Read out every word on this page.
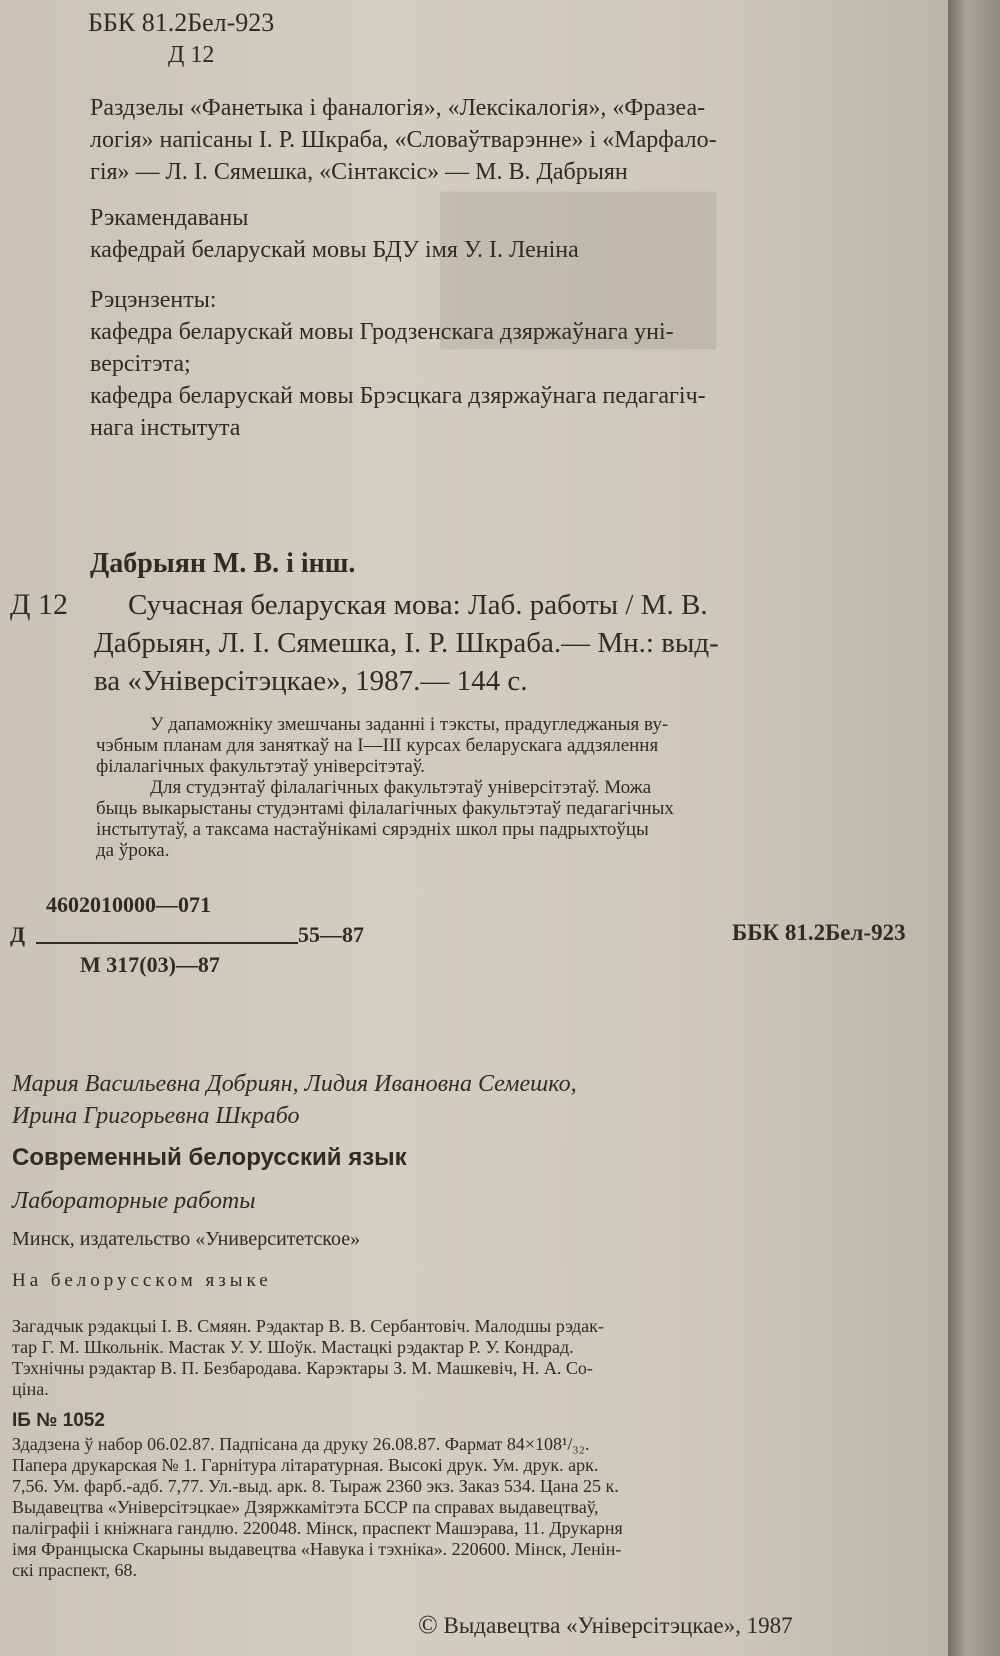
███
ББК 81.2Бел-923
Д 12
Раздзелы «Фанетыка і фаналогія», «Лексікалогія», «Фразеа-
логія» напісаны І. Р. Шкраба, «Словаўтварэнне» і «Марфало-
гія» — Л. І. Сямешка, «Сінтаксіс» — М. В. Дабрыян
Рэкамендаваны
кафедрай беларускай мовы БДУ імя У. І. Леніна
Рэцэнзенты:
кафедра беларускай мовы Гродзенскага дзяржаўнага уні-
версітэта;
кафедра беларускай мовы Брэсцкага дзяржаўнага педагагіч-
нага інстытута
Дабрыян М. В. і інш.
Д 12 Сучасная беларуская мова: Лаб. работы / М. В.
Дабрыян, Л. І. Сямешка, І. Р. Шкраба.— Мн.: выд-
ва «Універсітэцкае», 1987.— 144 с.
У дапаможніку змешчаны заданні і тэксты, прадугледжаныя ву-
чэбным планам для заняткаў на І—ІІІ курсах беларускага аддзялення
філалагічных факультэтаў універсітэтаў.
Для студэнтаў філалагічных факультэтаў універсітэтаў. Можа
быць выкарыстаны студэнтамі філалагічных факультэтаў педагагічных
інстытутаў, а таксама настаўнікамі сярэдніх школ пры падрыхтоўцы
да ўрока.
4602010000—071
Д	55—87
М 317(03)—87
ББК 81.2Бел-923
Мария Васильевна Добриян, Лидия Ивановна Семешко,
Ирина Григорьевна Шкрабо
Современный белорусский язык
Лабораторные работы
Минск, издательство «Университетское»
На белорусском языке
Загадчык рэдакцыі І. В. Смяян. Рэдактар В. В. Сербантовіч. Малодшы рэдак-
тар Г. М. Школьнік. Мастак У. У. Шоўк. Мастацкі рэдактар Р. У. Кондрад.
Тэхнічны рэдактар В. П. Безбародава. Карэктары З. М. Машкевіч, Н. А. Со-
ціна.
ІБ № 1052
Здадзена ў набор 06.02.87. Падпісана да друку 26.08.87. Фармат 84×108¹/₃₂.
Папера друкарская № 1. Гарнітура літаратурная. Высокі друк. Ум. друк. арк.
7,56. Ум. фарб.-адб. 7,77. Ул.-выд. арк. 8. Тыраж 2360 экз. Заказ 534. Цана 25 к.
Выдавецтва «Універсітэцкае» Дзяржкамітэта БССР па справах выдавецтваў,
паліграфіі і кніжнага гандлю. 220048. Мінск, праспект Машэрава, 11. Друкарня
імя Францыска Скарыны выдавецтва «Навука і тэхніка». 220600. Мінск, Ленін-
скі праспект, 68.
© Выдавецтва «Універсітэцкае», 1987
